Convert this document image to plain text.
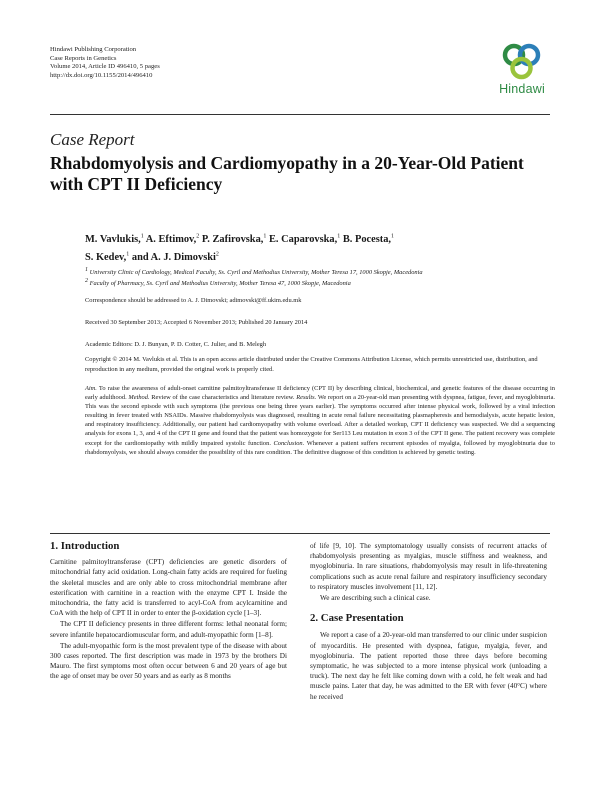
Hindawi Publishing Corporation
Case Reports in Genetics
Volume 2014, Article ID 496410, 5 pages
http://dx.doi.org/10.1155/2014/496410
Hindawi
Case Report
Rhabdomyolysis and Cardiomyopathy in a 20-Year-Old Patient with CPT II Deficiency
M. Vavlukis,$^1$ A. Eftimov,$^2$ P. Zafirovska,$^1$ E. Caparovska,$^1$ B. Pocesta,$^1$
S. Kedev,$^1$ and A. J. Dimovski$^2$
$^1$ University Clinic of Cardiology, Medical Faculty, Ss. Cyril and Methodius University, Mother Teresa 17, 1000 Skopje, Macedonia
$^2$ Faculty of Pharmacy, Ss. Cyril and Methodius University, Mother Teresa 47, 1000 Skopje, Macedonia
Correspondence should be addressed to A. J. Dimovski; adimovski@ff.ukim.edu.mk
Received 30 September 2013; Accepted 6 November 2013; Published 20 January 2014
Academic Editors: D. J. Bunyan, P. D. Cotter, C. Julier, and B. Melegh
Copyright © 2014 M. Vavlukis et al. This is an open access article distributed under the Creative Commons Attribution License, which permits unrestricted use, distribution, and reproduction in any medium, provided the original work is properly cited.
Aim. To raise the awareness of adult-onset carnitine palmitoyltransferase II deficiency (CPT II) by describing clinical, biochemical, and genetic features of the disease occurring in early adulthood. Method. Review of the case characteristics and literature review. Results. We report on a 20-year-old man presenting with dyspnea, fatigue, fever, and myoglobinuria. This was the second episode with such symptoms (the previous one being three years earlier). The symptoms occurred after intense physical work, followed by a viral infection resulting in fever treated with NSAIDs. Massive rhabdomyolysis was diagnosed, resulting in acute renal failure necessitating plasmapheresis and hemodialysis, acute hepatic lesion, and respiratory insufficiency. Additionally, our patient had cardiomyopathy with volume overload. After a detailed workup, CPT II deficiency was suspected. We did a sequencing analysis for exons 1, 3, and 4 of the CPT II gene and found that the patient was homozygote for Ser113 Leu mutation in exon 3 of the CPT II gene. The patient recovery was complete except for the cardiomiopathy with mildly impaired systolic function. Conclusion. Whenever a patient suffers recurrent episodes of myalgia, followed by myoglobinuria due to rhabdomyolysis, we should always consider the possibility of this rare condition. The definitive diagnose of this condition is achieved by genetic testing.
1. Introduction

Carnitine palmitoyltransferase (CPT) deficiencies are genetic disorders of mitochondrial fatty acid oxidation. Long-chain fatty acids are required for fueling the skeletal muscles and are only able to cross mitochondrial membrane after esterification with carnitine in a reaction with the enzyme CPT I. Inside the mitochondria, the fatty acid is transferred to acyl-CoA from acylcarnitine and CoA with the help of CPT II in order to enter the β-oxidation cycle [1–3].

The CPT II deficiency presents in three different forms: lethal neonatal form; severe infantile hepatocardiomuscular form, and adult-myopathic form [1–8].

The adult-myopathic form is the most prevalent type of the disease with about 300 cases reported. The first description was made in 1973 by the brothers Di Mauro. The first symptoms most often occur between 6 and 20 years of age but the age of onset may be over 50 years and as early as 8 months

of life [9, 10]. The symptomatology usually consists of recurrent attacks of rhabdomyolysis presenting as myalgias, muscle stiffness and weakness, and myoglobinuria. In rare situations, rhabdomyolysis may result in life-threatening complications such as acute renal failure and respiratory insufficiency secondary to respiratory muscles involvement [11, 12].

We are describing such a clinical case.

2. Case Presentation

We report a case of a 20-year-old man transferred to our clinic under suspicion of myocarditis. He presented with dyspnea, fatigue, myalgia, fever, and myoglobinuria. The patient reported those three days before becoming symptomatic, he was subjected to a more intense physical work (unloading a truck). The next day he felt like coming down with a cold, he felt weak and had muscle pains. Later that day, he was admitted to the ER with fever (40°C) where he received
